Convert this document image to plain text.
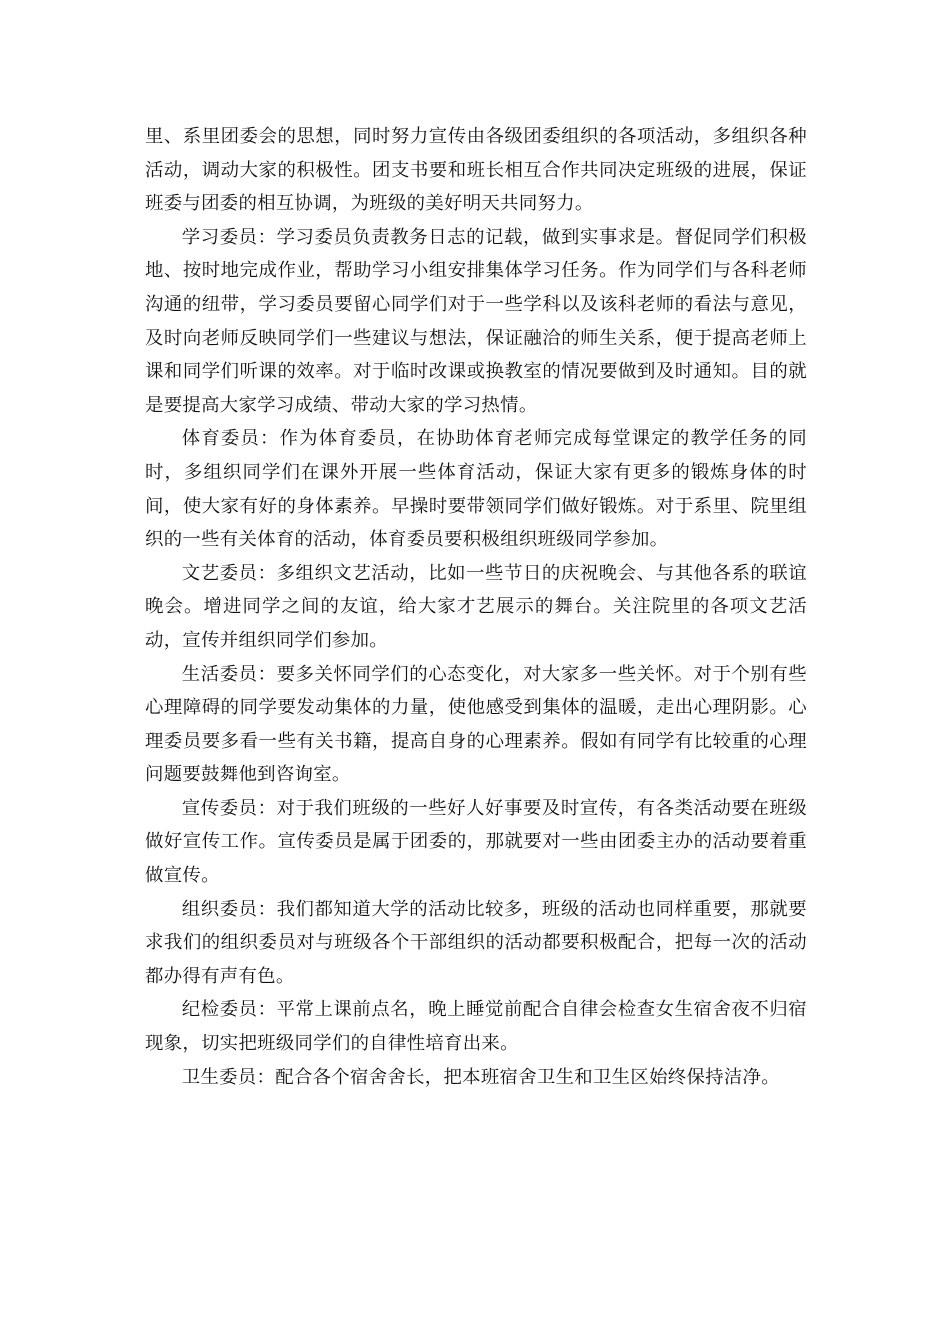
里、系里团委会的思想，同时努力宣传由各级团委组织的各项活动，多组织各种活动，调动大家的积极性。团支书要和班长相互合作共同决定班级的进展，保证班委与团委的相互协调，为班级的美好明天共同努力。

学习委员：学习委员负责教务日志的记载，做到实事求是。督促同学们积极地、按时地完成作业，帮助学习小组安排集体学习任务。作为同学们与各科老师沟通的纽带，学习委员要留心同学们对于一些学科以及该科老师的看法与意见，及时向老师反映同学们一些建议与想法，保证融洽的师生关系，便于提高老师上课和同学们听课的效率。对于临时改课或换教室的情况要做到及时通知。目的就是要提高大家学习成绩、带动大家的学习热情。

体育委员：作为体育委员，在协助体育老师完成每堂课定的教学任务的同时，多组织同学们在课外开展一些体育活动，保证大家有更多的锻炼身体的时间，使大家有好的身体素养。早操时要带领同学们做好锻炼。对于系里、院里组织的一些有关体育的活动，体育委员要积极组织班级同学参加。

文艺委员：多组织文艺活动，比如一些节日的庆祝晚会、与其他各系的联谊晚会。增进同学之间的友谊，给大家才艺展示的舞台。关注院里的各项文艺活动，宣传并组织同学们参加。

生活委员：要多关怀同学们的心态变化，对大家多一些关怀。对于个别有些心理障碍的同学要发动集体的力量，使他感受到集体的温暖，走出心理阴影。心理委员要多看一些有关书籍，提高自身的心理素养。假如有同学有比较重的心理问题要鼓舞他到咨询室。

宣传委员：对于我们班级的一些好人好事要及时宣传，有各类活动要在班级做好宣传工作。宣传委员是属于团委的，那就要对一些由团委主办的活动要着重做宣传。

组织委员：我们都知道大学的活动比较多，班级的活动也同样重要，那就要求我们的组织委员对与班级各个干部组织的活动都要积极配合，把每一次的活动都办得有声有色。

纪检委员：平常上课前点名，晚上睡觉前配合自律会检查女生宿舍夜不归宿现象，切实把班级同学们的自律性培育出来。

卫生委员：配合各个宿舍舍长，把本班宿舍卫生和卫生区始终保持洁净。
